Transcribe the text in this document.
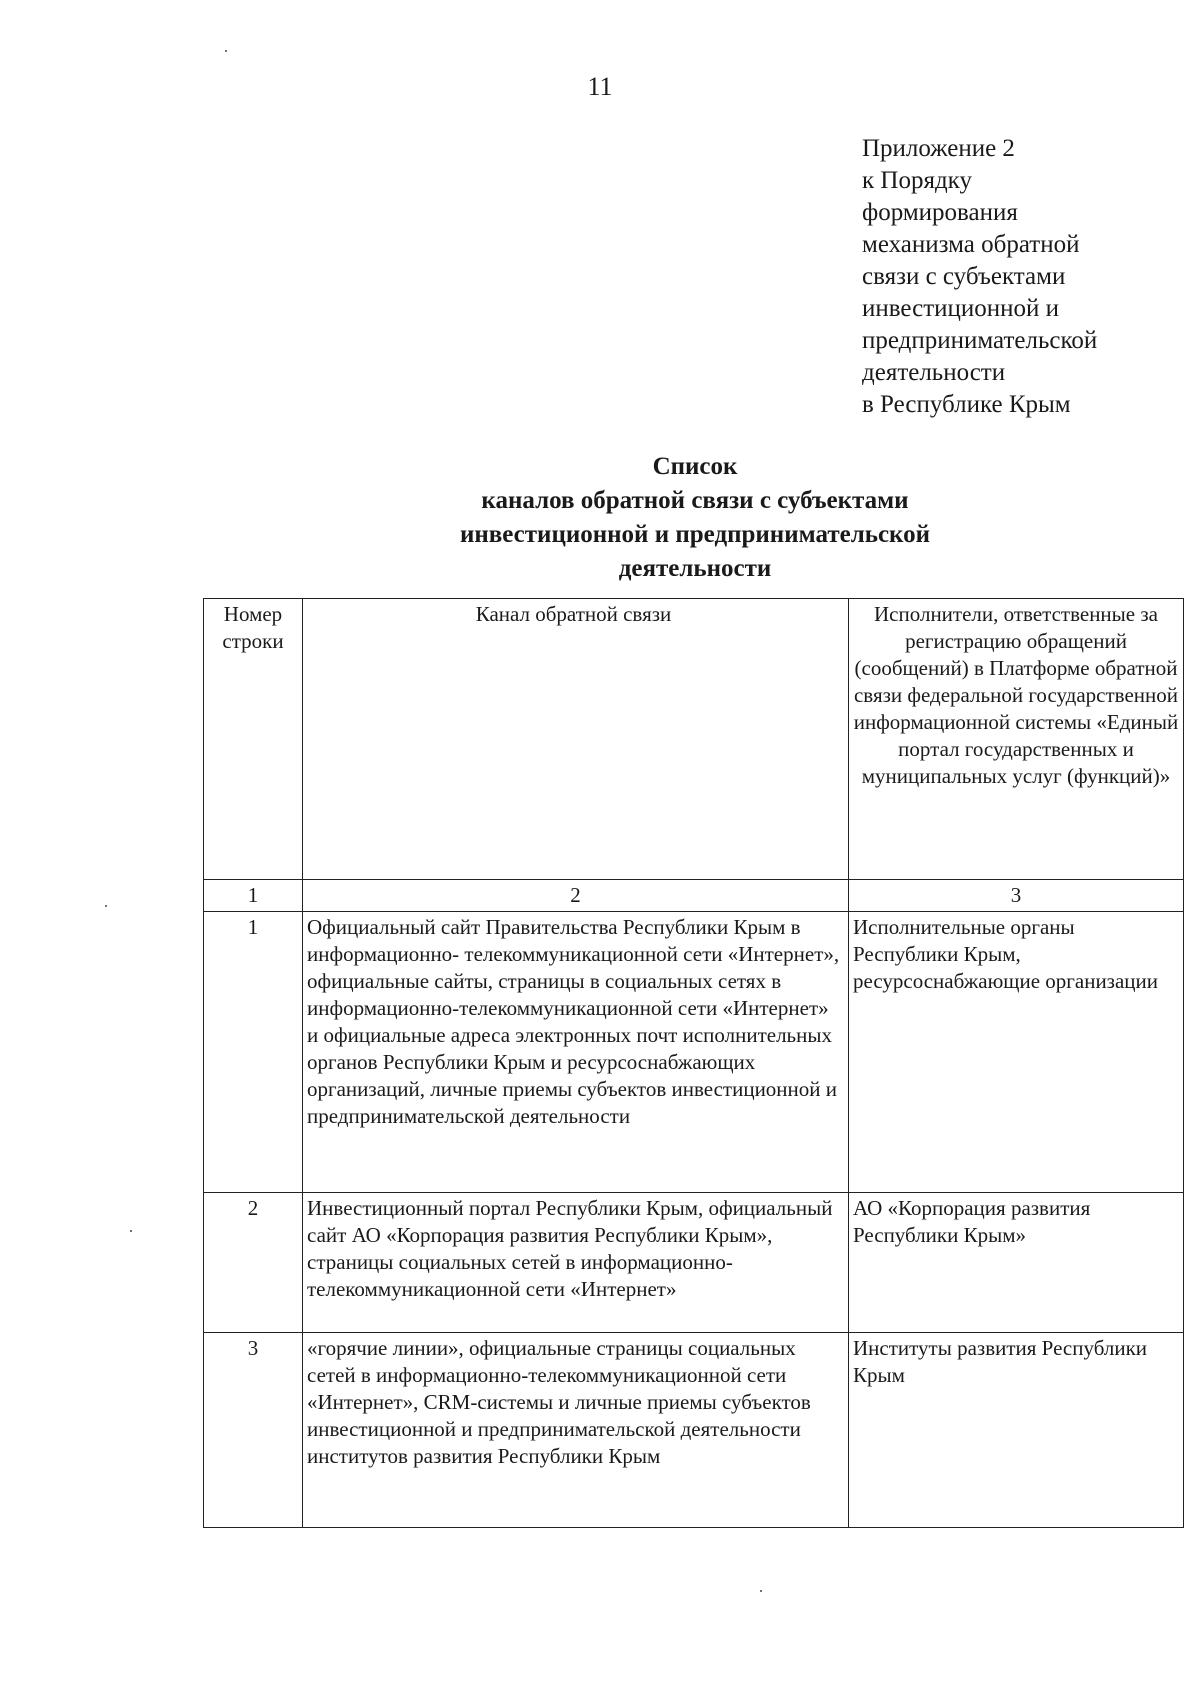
11
Приложение 2
к Порядку
формирования
механизма обратной
связи с субъектами
инвестиционной и
предпринимательской
деятельности
в Республике Крым
Список
каналов обратной связи с субъектами
инвестиционной и предпринимательской
деятельности
Номер строки	Канал обратной связи	Исполнители, ответственные за регистрацию обращений (сообщений) в Платформе обратной связи федеральной государственной информационной системы «Единый портал государственных и муниципальных услуг (функций)»
1	2	3
1	Официальный сайт Правительства Республики Крым в информационно- телекоммуникационной сети «Интернет», официальные сайты, страницы в социальных сетях в информационно-телекоммуникационной сети «Интернет» и официальные адреса электронных почт исполнительных органов Республики Крым и ресурсоснабжающих организаций, личные приемы субъектов инвестиционной и предпринимательской деятельности	Исполнительные органы Республики Крым, ресурсоснабжающие организации
2	Инвестиционный портал Республики Крым, официальный сайт АО «Корпорация развития Республики Крым», страницы социальных сетей в информационно-телекоммуникационной сети «Интернет»	АО «Корпорация развития Республики Крым»
3	«горячие линии», официальные страницы социальных сетей в информационно-телекоммуникационной сети «Интернет», CRM-системы и личные приемы субъектов инвестиционной и предпринимательской деятельности институтов развития Республики Крым	Институты развития Республики Крым
